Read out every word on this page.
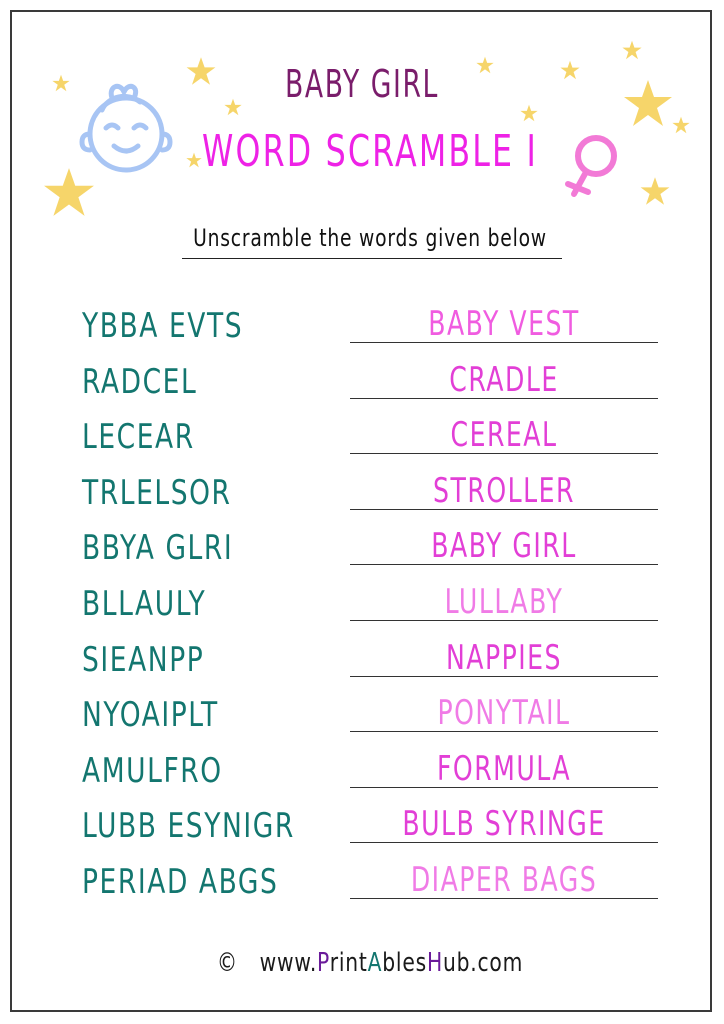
BABY GIRL
WORD SCRAMBLE I
Unscramble the words given below
YBBA EVTS	BABY VEST
RADCEL	CRADLE
LECEAR	CEREAL
TRLELSOR	STROLLER
BBYA GLRI	BABY GIRL
BLLAULY	LULLABY
SIEANPP	NAPPIES
NYOAIPLT	PONYTAIL
AMULFRO	FORMULA
LUBB ESYNIGR	BULB SYRINGE
PERIAD ABGS	DIAPER BAGS
© www.PrintAblesHub.com
